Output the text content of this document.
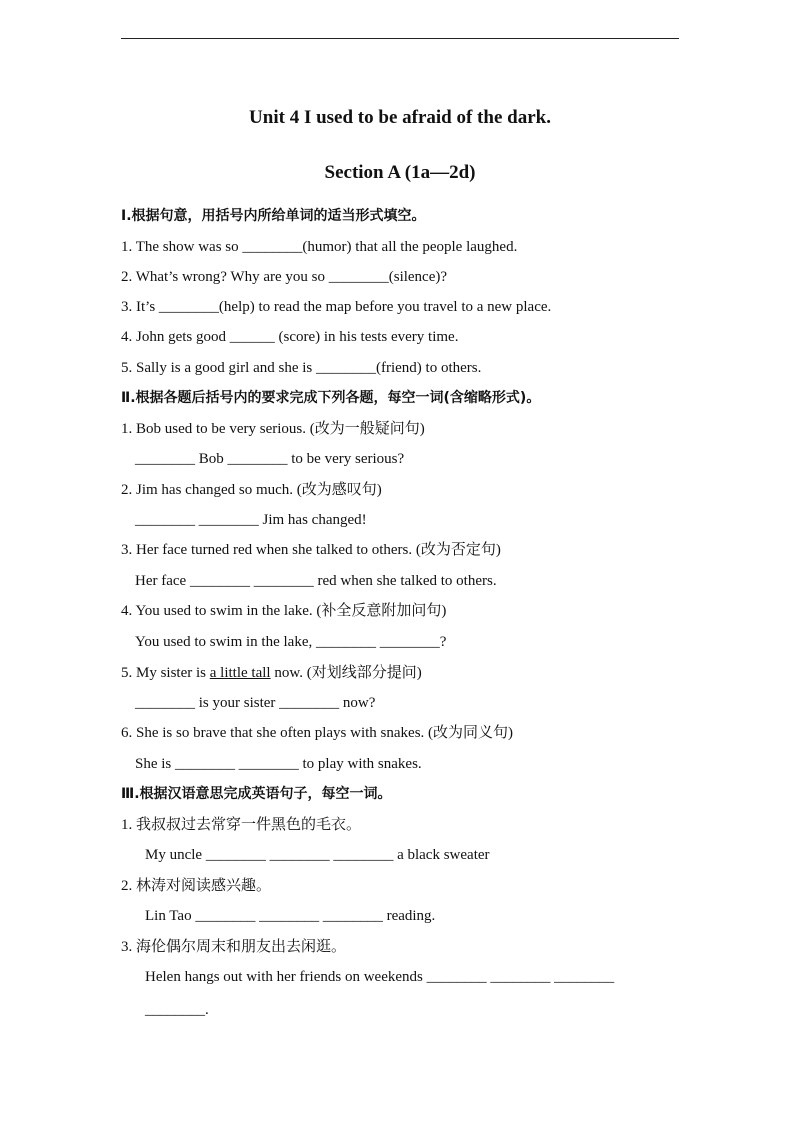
Unit 4 I used to be afraid of the dark.
Section A (1a—2d)
Ⅰ.根据句意，用括号内所给单词的适当形式填空。
1. The show was so ________(humor) that all the people laughed.
2. What’s wrong? Why are you so ________(silence)?
3. It’s ________(help) to read the map before you travel to a new place.
4. John gets good ______ (score) in his tests every time.
5. Sally is a good girl and she is ________(friend) to others.
Ⅱ.根据各题后括号内的要求完成下列各题，每空一词(含缩略形式)。
1. Bob used to be very serious. (改为一般疑问句)
________ Bob ________ to be very serious?
2. Jim has changed so much. (改为感叹句)
________ ________ Jim has changed!
3. Her face turned red when she talked to others. (改为否定句)
Her face ________ ________ red when she talked to others.
4. You used to swim in the lake. (补全反意附加问句)
You used to swim in the lake, ________ ________?
5. My sister is a little tall now. (对划线部分提问)
________ is your sister ________ now?
6. She is so brave that she often plays with snakes. (改为同义句)
She is ________ ________ to play with snakes.
Ⅲ.根据汉语意思完成英语句子，每空一词。
1. 我叔叔过去常穿一件黑色的毛衣。
My uncle ________ ________ ________ a black sweater
2. 林涛对阅读感兴趣。
Lin Tao ________ ________ ________ reading.
3. 海伦偶尔周末和朋友出去闲逛。
Helen hangs out with her friends on weekends ________ ________ ________
________.
